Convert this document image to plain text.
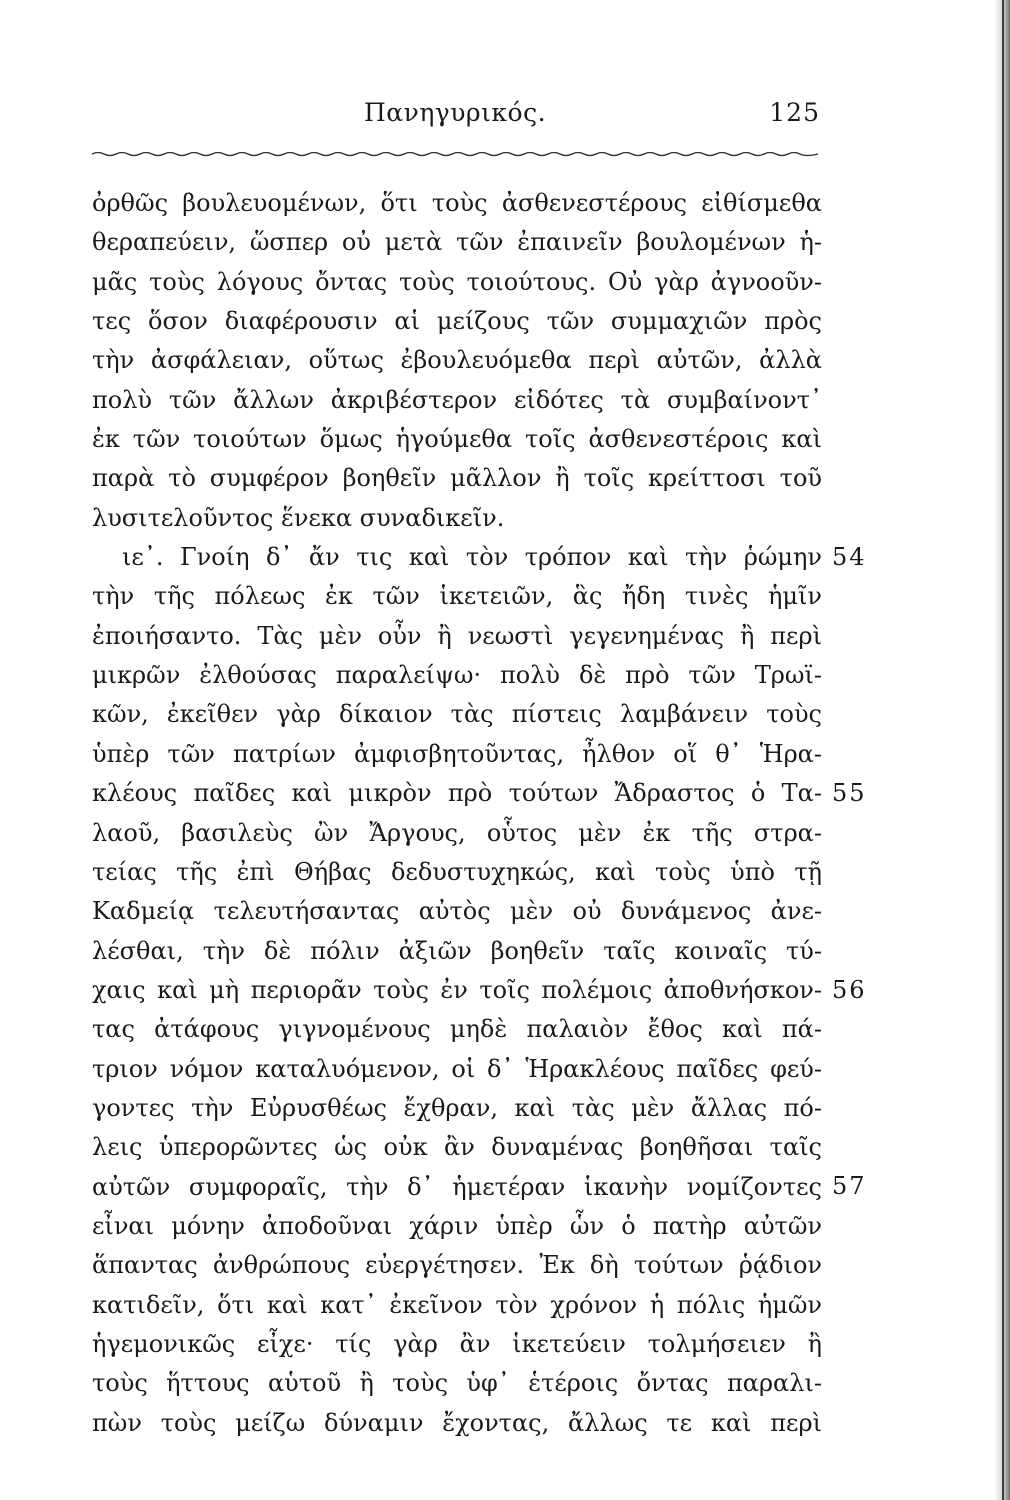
Πανηγυρικός.	125
ὀρθῶς βουλευομένων, ὅτι τοὺς ἀσθενεστέρους εἰθίσμεθα
θεραπεύειν, ὥσπερ οὐ μετὰ τῶν ἐπαινεῖν βουλομένων ἡ-
μᾶς τοὺς λόγους ὄντας τοὺς τοιούτους. Οὐ γὰρ ἀγνοοῦν-
τες ὅσον διαφέρουσιν αἱ μείζους τῶν συμμαχιῶν πρὸς
τὴν ἀσφάλειαν, οὕτως ἐβουλευόμεθα περὶ αὐτῶν, ἀλλὰ
πολὺ τῶν ἄλλων ἀκριβέστερον εἰδότες τὰ συμβαίνοντ᾽
ἐκ τῶν τοιούτων ὅμως ἡγούμεθα τοῖς ἀσθενεστέροις καὶ
παρὰ τὸ συμφέρον βοηθεῖν μᾶλλον ἢ τοῖς κρείττοσι τοῦ
λυσιτελοῦντος ἕνεκα συναδικεῖν.
ιε᾽. Γνοίη δ᾽ ἄν τις καὶ τὸν τρόπον καὶ τὴν ῥώμην
τὴν τῆς πόλεως ἐκ τῶν ἱκετειῶν, ἃς ἤδη τινὲς ἡμῖν
ἐποιήσαντο. Τὰς μὲν οὖν ἢ νεωστὶ γεγενημένας ἢ περὶ
μικρῶν ἐλθούσας παραλείψω· πολὺ δὲ πρὸ τῶν Τρωϊ-
κῶν, ἐκεῖθεν γὰρ δίκαιον τὰς πίστεις λαμβάνειν τοὺς
ὑπὲρ τῶν πατρίων ἀμφισβητοῦντας, ἦλθον οἵ θ᾽ Ἡρα-
κλέους παῖδες καὶ μικρὸν πρὸ τούτων Ἄδραστος ὁ Τα-
λαοῦ, βασιλεὺς ὢν Ἄργους, οὗτος μὲν ἐκ τῆς στρα-
τείας τῆς ἐπὶ Θήβας δεδυστυχηκώς, καὶ τοὺς ὑπὸ τῇ
Καδμείᾳ τελευτήσαντας αὐτὸς μὲν οὐ δυνάμενος ἀνε-
λέσθαι, τὴν δὲ πόλιν ἀξιῶν βοηθεῖν ταῖς κοιναῖς τύ-
χαις καὶ μὴ περιορᾶν τοὺς ἐν τοῖς πολέμοις ἀποθνήσκον-
τας ἀτάφους γιγνομένους μηδὲ παλαιὸν ἔθος καὶ πά-
τριον νόμον καταλυόμενον, οἱ δ᾽ Ἡρακλέους παῖδες φεύ-
γοντες τὴν Εὐρυσθέως ἔχθραν, καὶ τὰς μὲν ἄλλας πό-
λεις ὑπερορῶντες ὡς οὐκ ἂν δυναμένας βοηθῆσαι ταῖς
αὐτῶν συμφοραῖς, τὴν δ᾽ ἡμετέραν ἱκανὴν νομίζοντες
εἶναι μόνην ἀποδοῦναι χάριν ὑπὲρ ὧν ὁ πατὴρ αὐτῶν
ἅπαντας ἀνθρώπους εὐεργέτησεν. Ἐκ δὴ τούτων ῥᾴδιον
κατιδεῖν, ὅτι καὶ κατ᾽ ἐκεῖνον τὸν χρόνον ἡ πόλις ἡμῶν
ἡγεμονικῶς εἶχε· τίς γὰρ ἂν ἱκετεύειν τολμήσειεν ἢ
τοὺς ἥττους αὑτοῦ ἢ τοὺς ὑφ᾽ ἑτέροις ὄντας παραλι-
πὼν τοὺς μείζω δύναμιν ἔχοντας, ἄλλως τε καὶ περὶ
54
55
56
57
